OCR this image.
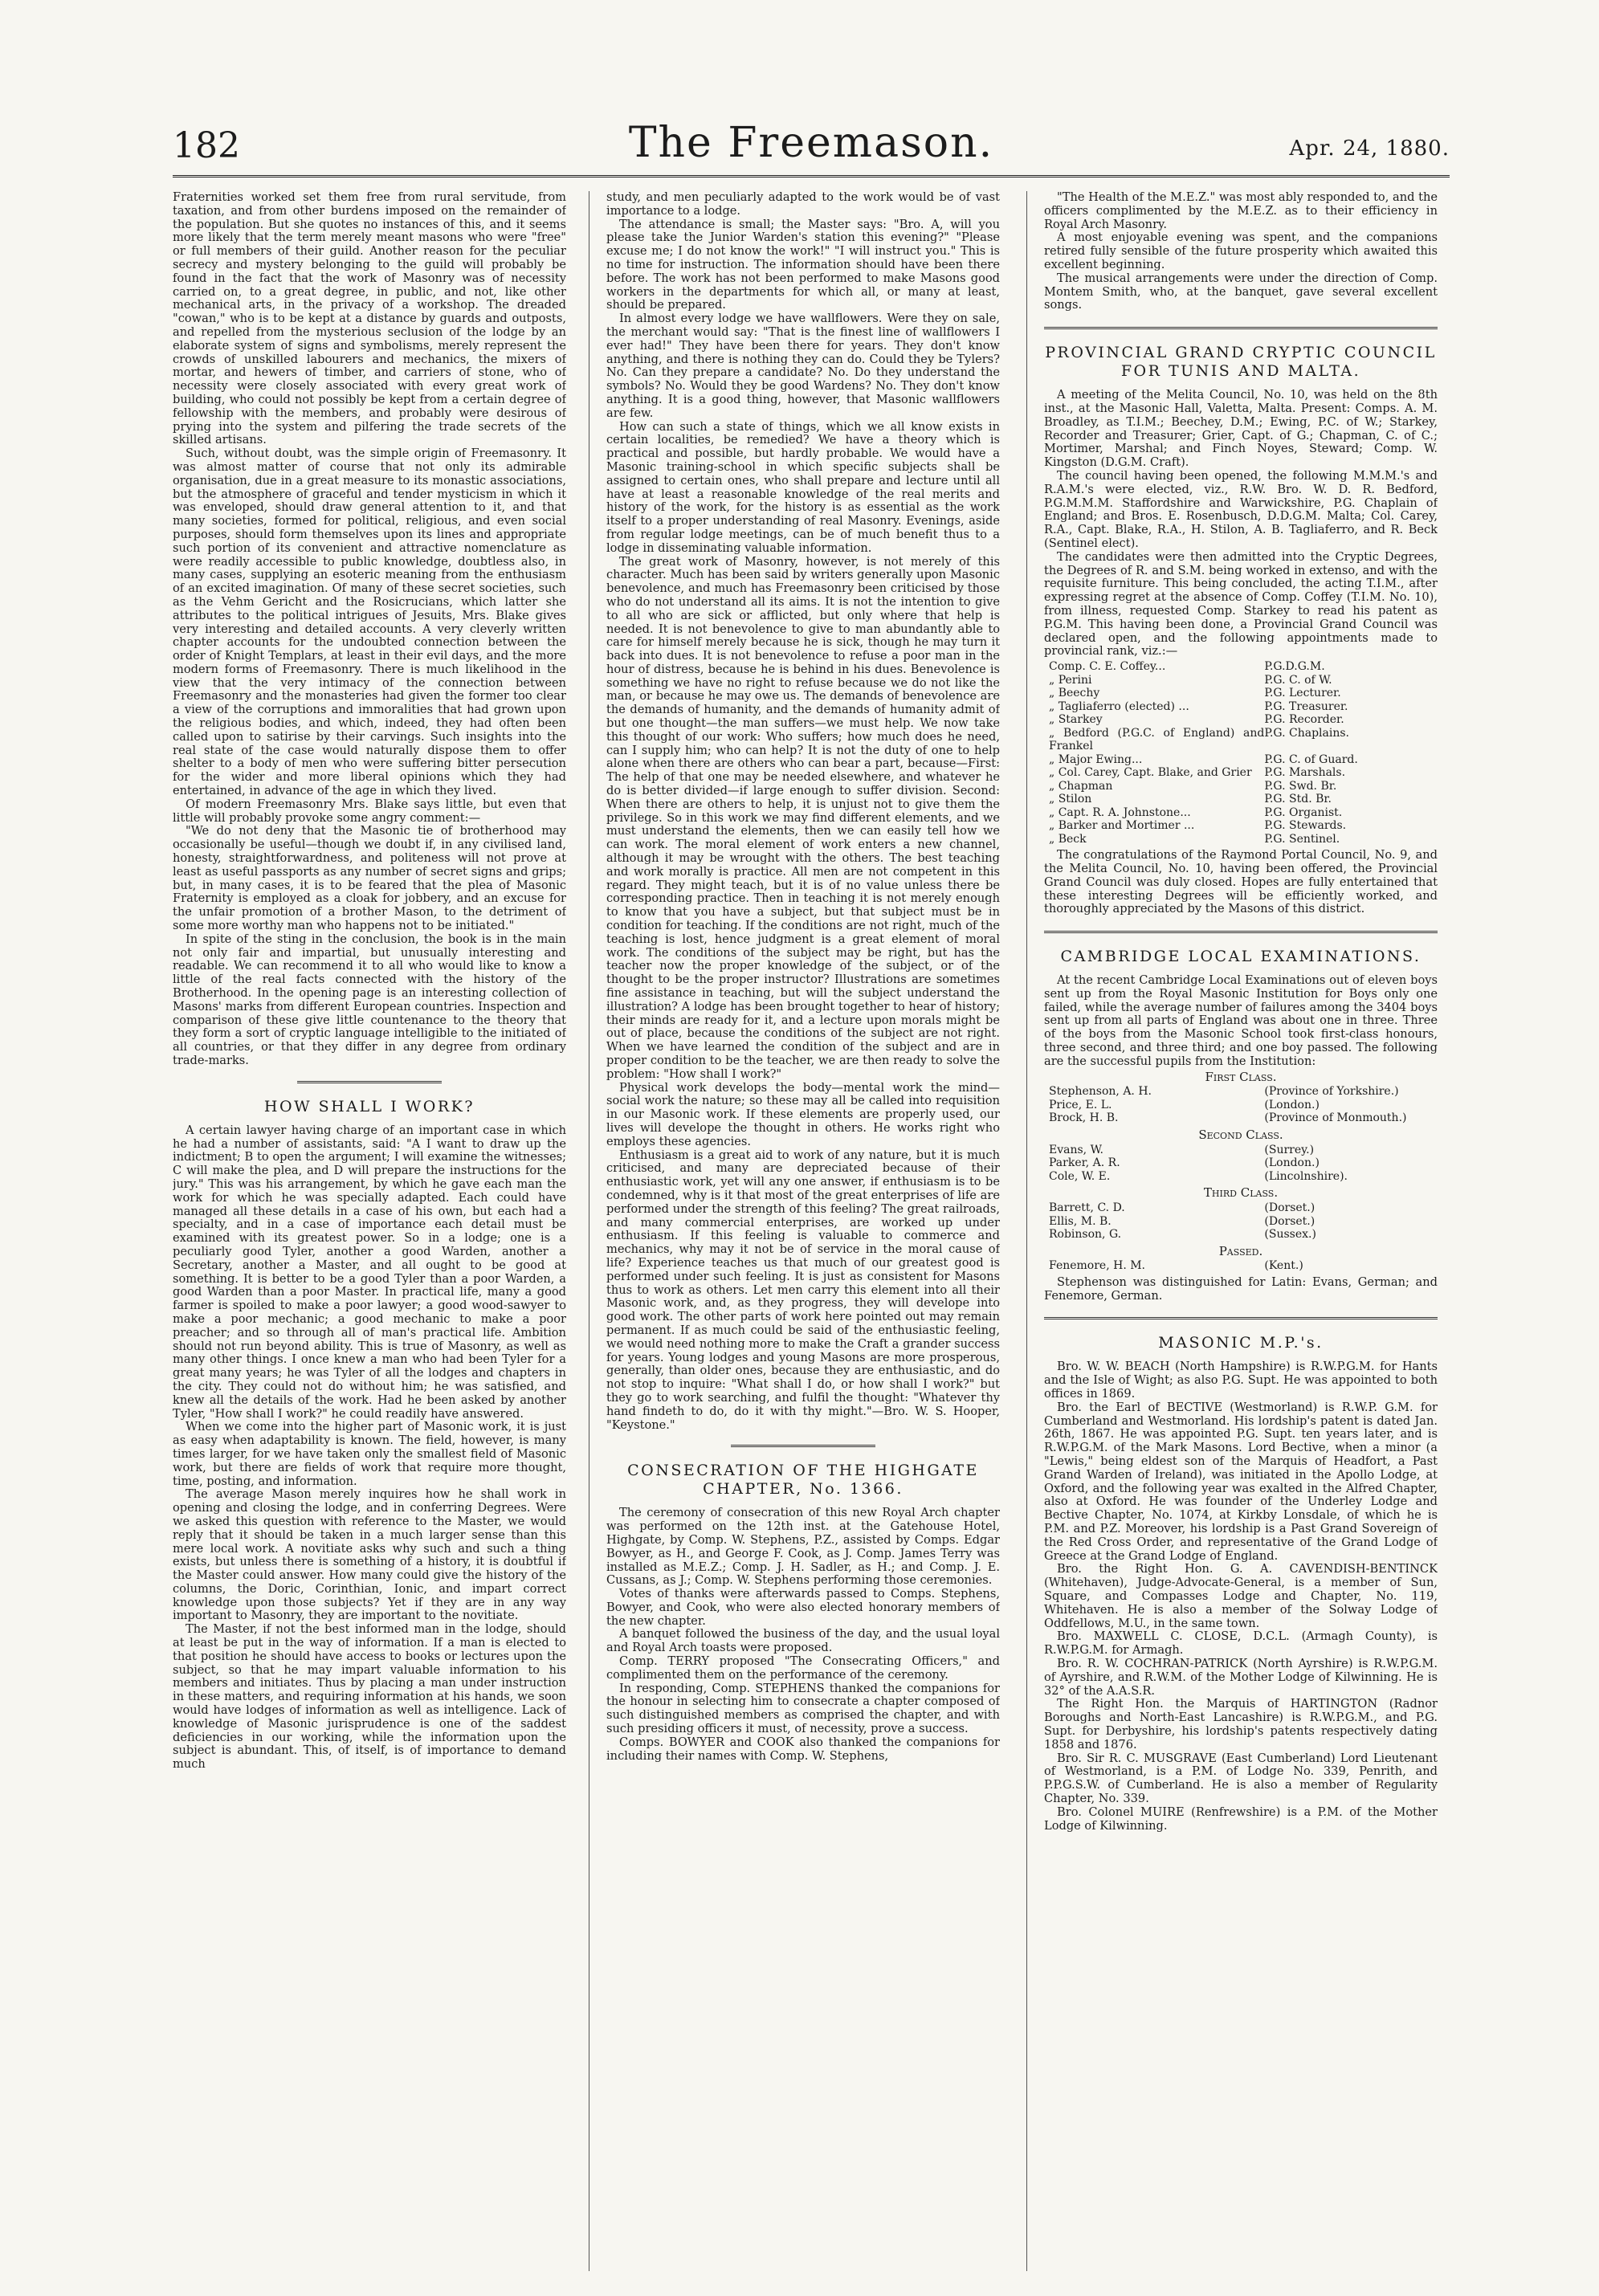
182	The Freemason.	Apr. 24, 1880.

Fraternities worked set them free from rural servitude, from taxation, and from other burdens imposed on the remainder of the population. But she quotes no instances of this, and it seems more likely that the term merely meant masons who were "free" or full members of their guild. Another reason for the peculiar secrecy and mystery belonging to the guild will probably be found in the fact that the work of Masonry was of necessity carried on, to a great degree, in public, and not, like other mechanical arts, in the privacy of a workshop. The dreaded "cowan," who is to be kept at a distance by guards and outposts, and repelled from the mysterious seclusion of the lodge by an elaborate system of signs and symbolisms, merely represent the crowds of unskilled labourers and mechanics, the mixers of mortar, and hewers of timber, and carriers of stone, who of necessity were closely associated with every great work of building, who could not possibly be kept from a certain degree of fellowship with the members, and probably were desirous of prying into the system and pilfering the trade secrets of the skilled artisans.

Such, without doubt, was the simple origin of Freemasonry. It was almost matter of course that not only its admirable organisation, due in a great measure to its monastic associations, but the atmosphere of graceful and tender mysticism in which it was enveloped, should draw general attention to it, and that many societies, formed for political, religious, and even social purposes, should form themselves upon its lines and appropriate such portion of its convenient and attractive nomenclature as were readily accessible to public knowledge, doubtless also, in many cases, supplying an esoteric meaning from the enthusiasm of an excited imagination. Of many of these secret societies, such as the Vehm Gericht and the Rosicrucians, which latter she attributes to the political intrigues of Jesuits, Mrs. Blake gives very interesting and detailed accounts. A very cleverly written chapter accounts for the undoubted connection between the order of Knight Templars, at least in their evil days, and the more modern forms of Freemasonry. There is much likelihood in the view that the very intimacy of the connection between Freemasonry and the monasteries had given the former too clear a view of the corruptions and immoralities that had grown upon the religious bodies, and which, indeed, they had often been called upon to satirise by their carvings. Such insights into the real state of the case would naturally dispose them to offer shelter to a body of men who were suffering bitter persecution for the wider and more liberal opinions which they had entertained, in advance of the age in which they lived.

Of modern Freemasonry Mrs. Blake says little, but even that little will probably provoke some angry comment:—

"We do not deny that the Masonic tie of brotherhood may occasionally be useful—though we doubt if, in any civilised land, honesty, straightforwardness, and politeness will not prove at least as useful passports as any number of secret signs and grips; but, in many cases, it is to be feared that the plea of Masonic Fraternity is employed as a cloak for jobbery, and an excuse for the unfair promotion of a brother Mason, to the detriment of some more worthy man who happens not to be initiated."

In spite of the sting in the conclusion, the book is in the main not only fair and impartial, but unusually interesting and readable. We can recommend it to all who would like to know a little of the real facts connected with the history of the Brotherhood. In the opening page is an interesting collection of Masons' marks from different European countries. Inspection and comparison of these give little countenance to the theory that they form a sort of cryptic language intelligible to the initiated of all countries, or that they differ in any degree from ordinary trade-marks.

HOW SHALL I WORK?

A certain lawyer having charge of an important case in which he had a number of assistants, said: "A I want to draw up the indictment; B to open the argument; I will examine the witnesses; C will make the plea, and D will prepare the instructions for the jury." This was his arrangement, by which he gave each man the work for which he was specially adapted. Each could have managed all these details in a case of his own, but each had a specialty, and in a case of importance each detail must be examined with its greatest power. So in a lodge; one is a peculiarly good Tyler, another a good Warden, another a Secretary, another a Master, and all ought to be good at something. It is better to be a good Tyler than a poor Warden, a good Warden than a poor Master. In practical life, many a good farmer is spoiled to make a poor lawyer; a good wood-sawyer to make a poor mechanic; a good mechanic to make a poor preacher; and so through all of man's practical life. Ambition should not run beyond ability. This is true of Masonry, as well as many other things. I once knew a man who had been Tyler for a great many years; he was Tyler of all the lodges and chapters in the city. They could not do without him; he was satisfied, and knew all the details of the work. Had he been asked by another Tyler, "How shall I work?" he could readily have answered.

When we come into the higher part of Masonic work, it is just as easy when adaptability is known. The field, however, is many times larger, for we have taken only the smallest field of Masonic work, but there are fields of work that require more thought, time, posting, and information.

The average Mason merely inquires how he shall work in opening and closing the lodge, and in conferring Degrees. Were we asked this question with reference to the Master, we would reply that it should be taken in a much larger sense than this mere local work. A novitiate asks why such and such a thing exists, but unless there is something of a history, it is doubtful if the Master could answer. How many could give the history of the columns, the Doric, Corinthian, Ionic, and impart correct knowledge upon those subjects? Yet if they are in any way important to Masonry, they are important to the novitiate.

The Master, if not the best informed man in the lodge, should at least be put in the way of information. If a man is elected to that position he should have access to books or lectures upon the subject, so that he may impart valuable information to his members and initiates. Thus by placing a man under instruction in these matters, and requiring information at his hands, we soon would have lodges of information as well as intelligence. Lack of knowledge of Masonic jurisprudence is one of the saddest deficiencies in our working, while the information upon the subject is abundant. This, of itself, is of importance to demand much

study, and men peculiarly adapted to the work would be of vast importance to a lodge.

The attendance is small; the Master says: "Bro. A, will you please take the Junior Warden's station this evening?" "Please excuse me; I do not know the work!" "I will instruct you." This is no time for instruction. The information should have been there before. The work has not been performed to make Masons good workers in the departments for which all, or many at least, should be prepared.

In almost every lodge we have wallflowers. Were they on sale, the merchant would say: "That is the finest line of wallflowers I ever had!" They have been there for years. They don't know anything, and there is nothing they can do. Could they be Tylers? No. Can they prepare a candidate? No. Do they understand the symbols? No. Would they be good Wardens? No. They don't know anything. It is a good thing, however, that Masonic wallflowers are few.

How can such a state of things, which we all know exists in certain localities, be remedied? We have a theory which is practical and possible, but hardly probable. We would have a Masonic training-school in which specific subjects shall be assigned to certain ones, who shall prepare and lecture until all have at least a reasonable knowledge of the real merits and history of the work, for the history is as essential as the work itself to a proper understanding of real Masonry. Evenings, aside from regular lodge meetings, can be of much benefit thus to a lodge in disseminating valuable information.

The great work of Masonry, however, is not merely of this character. Much has been said by writers generally upon Masonic benevolence, and much has Freemasonry been criticised by those who do not understand all its aims. It is not the intention to give to all who are sick or afflicted, but only where that help is needed. It is not benevolence to give to man abundantly able to care for himself merely because he is sick, though he may turn it back into dues. It is not benevolence to refuse a poor man in the hour of distress, because he is behind in his dues. Benevolence is something we have no right to refuse because we do not like the man, or because he may owe us. The demands of benevolence are the demands of humanity, and the demands of humanity admit of but one thought—the man suffers—we must help. We now take this thought of our work: Who suffers; how much does he need, can I supply him; who can help? It is not the duty of one to help alone when there are others who can bear a part, because—First: The help of that one may be needed elsewhere, and whatever he do is better divided—if large enough to suffer division. Second: When there are others to help, it is unjust not to give them the privilege. So in this work we may find different elements, and we must understand the elements, then we can easily tell how we can work. The moral element of work enters a new channel, although it may be wrought with the others. The best teaching and work morally is practice. All men are not competent in this regard. They might teach, but it is of no value unless there be corresponding practice. Then in teaching it is not merely enough to know that you have a subject, but that subject must be in condition for teaching. If the conditions are not right, much of the teaching is lost, hence judgment is a great element of moral work. The conditions of the subject may be right, but has the teacher now the proper knowledge of the subject, or of the thought to be the proper instructor? Illustrations are sometimes fine assistance in teaching, but will the subject understand the illustration? A lodge has been brought together to hear of history; their minds are ready for it, and a lecture upon morals might be out of place, because the conditions of the subject are not right. When we have learned the condition of the subject and are in proper condition to be the teacher, we are then ready to solve the problem: "How shall I work?"

Physical work develops the body—mental work the mind—social work the nature; so these may all be called into requisition in our Masonic work. If these elements are properly used, our lives will develope the thought in others. He works right who employs these agencies.

Enthusiasm is a great aid to work of any nature, but it is much criticised, and many are depreciated because of their enthusiastic work, yet will any one answer, if enthusiasm is to be condemned, why is it that most of the great enterprises of life are performed under the strength of this feeling? The great railroads, and many commercial enterprises, are worked up under enthusiasm. If this feeling is valuable to commerce and mechanics, why may it not be of service in the moral cause of life? Experience teaches us that much of our greatest good is performed under such feeling. It is just as consistent for Masons thus to work as others. Let men carry this element into all their Masonic work, and, as they progress, they will develope into good work. The other parts of work here pointed out may remain permanent. If as much could be said of the enthusiastic feeling, we would need nothing more to make the Craft a grander success for years. Young lodges and young Masons are more prosperous, generally, than older ones, because they are enthusiastic, and do not stop to inquire: "What shall I do, or how shall I work?" but they go to work searching, and fulfil the thought: "Whatever thy hand findeth to do, do it with thy might."—Bro. W. S. Hooper, "Keystone."

CONSECRATION OF THE HIGHGATE CHAPTER, No. 1366.

The ceremony of consecration of this new Royal Arch chapter was performed on the 12th inst. at the Gatehouse Hotel, Highgate, by Comp. W. Stephens, P.Z., assisted by Comps. Edgar Bowyer, as H., and George F. Cook, as J. Comp. James Terry was installed as M.E.Z.; Comp. J. H. Sadler, as H.; and Comp. J. E. Cussans, as J.; Comp. W. Stephens performing those ceremonies.

Votes of thanks were afterwards passed to Comps. Stephens, Bowyer, and Cook, who were also elected honorary members of the new chapter.

A banquet followed the business of the day, and the usual loyal and Royal Arch toasts were proposed.

Comp. TERRY proposed "The Consecrating Officers," and complimented them on the performance of the ceremony.

In responding, Comp. STEPHENS thanked the companions for the honour in selecting him to consecrate a chapter composed of such distinguished members as comprised the chapter, and with such presiding officers it must, of necessity, prove a success.

Comps. BOWYER and COOK also thanked the companions for including their names with Comp. W. Stephens,

"The Health of the M.E.Z." was most ably responded to, and the officers complimented by the M.E.Z. as to their efficiency in Royal Arch Masonry.

A most enjoyable evening was spent, and the companions retired fully sensible of the future prosperity which awaited this excellent beginning.

The musical arrangements were under the direction of Comp. Montem Smith, who, at the banquet, gave several excellent songs.

PROVINCIAL GRAND CRYPTIC COUNCIL FOR TUNIS AND MALTA.

A meeting of the Melita Council, No. 10, was held on the 8th inst., at the Masonic Hall, Valetta, Malta. Present: Comps. A. M. Broadley, as T.I.M.; Beechey, D.M.; Ewing, P.C. of W.; Starkey, Recorder and Treasurer; Grier, Capt. of G.; Chapman, C. of C.; Mortimer, Marshal; and Finch Noyes, Steward; Comp. W. Kingston (D.G.M. Craft).

The council having been opened, the following M.M.M.'s and R.A.M.'s were elected, viz., R.W. Bro. W. D. R. Bedford, P.G.M.M.M. Staffordshire and Warwickshire, P.G. Chaplain of England; and Bros. E. Rosenbusch, D.D.G.M. Malta; Col. Carey, R.A., Capt. Blake, R.A., H. Stilon, A. B. Tagliaferro, and R. Beck (Sentinel elect).

The candidates were then admitted into the Cryptic Degrees, the Degrees of R. and S.M. being worked in extenso, and with the requisite furniture. This being concluded, the acting T.I.M., after expressing regret at the absence of Comp. Coffey (T.I.M. No. 10), from illness, requested Comp. Starkey to read his patent as P.G.M. This having been done, a Provincial Grand Council was declared open, and the following appointments made to provincial rank, viz.:—

Comp. C. E. Coffey...	P.G.D.G.M.
„ Perini	P.G. C. of W.
„ Beechy	P.G. Lecturer.
„ Tagliaferro (elected) ...	P.G. Treasurer.
„ Starkey	P.G. Recorder.
„ Bedford (P.G.C. of England) and Frankel	P.G. Chaplains.
„ Major Ewing...	P.G. C. of Guard.
„ Col. Carey, Capt. Blake, and Grier	P.G. Marshals.
„ Chapman	P.G. Swd. Br.
„ Stilon	P.G. Std. Br.
„ Capt. R. A. Johnstone...	P.G. Organist.
„ Barker and Mortimer ...	P.G. Stewards.
„ Beck	P.G. Sentinel.

The congratulations of the Raymond Portal Council, No. 9, and the Melita Council, No. 10, having been offered, the Provincial Grand Council was duly closed. Hopes are fully entertained that these interesting Degrees will be efficiently worked, and thoroughly appreciated by the Masons of this district.

CAMBRIDGE LOCAL EXAMINATIONS.

At the recent Cambridge Local Examinations out of eleven boys sent up from the Royal Masonic Institution for Boys only one failed, while the average number of failures among the 3404 boys sent up from all parts of England was about one in three. Three of the boys from the Masonic School took first-class honours, three second, and three third; and one boy passed. The following are the successful pupils from the Institution:

First Class.
Stephenson, A. H.	(Province of Yorkshire.)
Price, E. L.	(London.)
Brock, H. B.	(Province of Monmouth.)
Second Class.
Evans, W.	(Surrey.)
Parker, A. R.	(London.)
Cole, W. E.	(Lincolnshire).
Third Class.
Barrett, C. D.	(Dorset.)
Ellis, M. B.	(Dorset.)
Robinson, G.	(Sussex.)
Passed.
Fenemore, H. M.	(Kent.)

Stephenson was distinguished for Latin: Evans, German; and Fenemore, German.

MASONIC M.P.'s.

Bro. W. W. BEACH (North Hampshire) is R.W.P.G.M. for Hants and the Isle of Wight; as also P.G. Supt. He was appointed to both offices in 1869.

Bro. the Earl of BECTIVE (Westmorland) is R.W.P. G.M. for Cumberland and Westmorland. His lordship's patent is dated Jan. 26th, 1867. He was appointed P.G. Supt. ten years later, and is R.W.P.G.M. of the Mark Masons. Lord Bective, when a minor (a "Lewis," being eldest son of the Marquis of Headfort, a Past Grand Warden of Ireland), was initiated in the Apollo Lodge, at Oxford, and the following year was exalted in the Alfred Chapter, also at Oxford. He was founder of the Underley Lodge and Bective Chapter, No. 1074, at Kirkby Lonsdale, of which he is P.M. and P.Z. Moreover, his lordship is a Past Grand Sovereign of the Red Cross Order, and representative of the Grand Lodge of Greece at the Grand Lodge of England.

Bro. the Right Hon. G. A. CAVENDISH-BENTINCK (Whitehaven), Judge-Advocate-General, is a member of Sun, Square, and Compasses Lodge and Chapter, No. 119, Whitehaven. He is also a member of the Solway Lodge of Oddfellows, M.U., in the same town.

Bro. MAXWELL C. CLOSE, D.C.L. (Armagh County), is R.W.P.G.M. for Armagh.

Bro. R. W. COCHRAN-PATRICK (North Ayrshire) is R.W.P.G.M. of Ayrshire, and R.W.M. of the Mother Lodge of Kilwinning. He is 32° of the A.A.S.R.

The Right Hon. the Marquis of HARTINGTON (Radnor Boroughs and North-East Lancashire) is R.W.P.G.M., and P.G. Supt. for Derbyshire, his lordship's patents respectively dating 1858 and 1876.

Bro. Sir R. C. MUSGRAVE (East Cumberland) Lord Lieutenant of Westmorland, is a P.M. of Lodge No. 339, Penrith, and P.P.G.S.W. of Cumberland. He is also a member of Regularity Chapter, No. 339.

Bro. Colonel MUIRE (Renfrewshire) is a P.M. of the Mother Lodge of Kilwinning.
